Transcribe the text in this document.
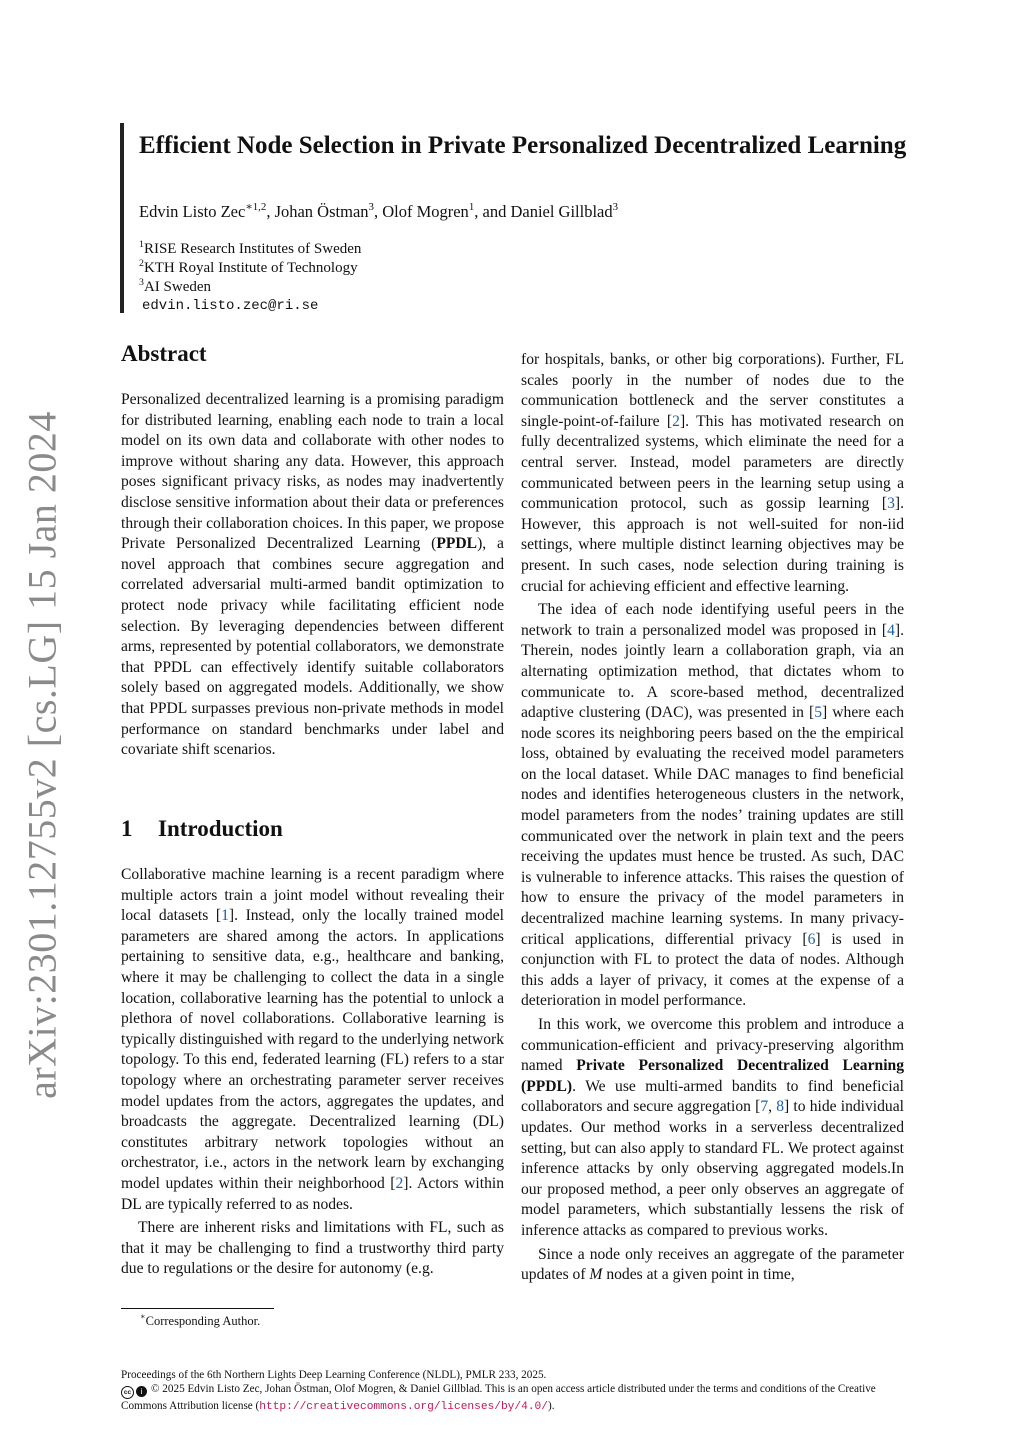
arXiv:2301.12755v2 [cs.LG] 15 Jan 2024
Efficient Node Selection in Private Personalized Decentralized Learning

Edvin Listo Zec$^{∗1,2}$, Johan Östman$^3$, Olof Mogren$^1$, and Daniel Gillblad$^3$

$^1$RISE Research Institutes of Sweden
$^2$KTH Royal Institute of Technology
$^3$AI Sweden
edvin.listo.zec@ri.se
Abstract

Personalized decentralized learning is a promising paradigm for distributed learning, enabling each node to train a local model on its own data and collaborate with other nodes to improve without sharing any data. However, this approach poses significant privacy risks, as nodes may inadvertently disclose sensitive information about their data or preferences through their collaboration choices. In this paper, we propose Private Personalized Decentralized Learning (PPDL), a novel approach that combines secure aggregation and correlated adversarial multi-armed bandit optimization to protect node privacy while facilitating efficient node selection. By leveraging dependencies between different arms, represented by potential collaborators, we demonstrate that PPDL can effectively identify suitable collaborators solely based on aggregated models. Additionally, we show that PPDL surpasses previous non-private methods in model performance on standard benchmarks under label and covariate shift scenarios.

1 Introduction

Collaborative machine learning is a recent paradigm where multiple actors train a joint model without revealing their local datasets [1]. Instead, only the locally trained model parameters are shared among the actors. In applications pertaining to sensitive data, e.g., healthcare and banking, where it may be challenging to collect the data in a single location, collaborative learning has the potential to unlock a plethora of novel collaborations. Collaborative learning is typically distinguished with regard to the underlying network topology. To this end, federated learning (FL) refers to a star topology where an orchestrating parameter server receives model updates from the actors, aggregates the updates, and broadcasts the aggregate. Decentralized learning (DL) constitutes arbitrary network topologies without an orchestrator, i.e., actors in the network learn by exchanging model updates within their neighborhood [2]. Actors within DL are typically referred to as nodes.

There are inherent risks and limitations with FL, such as that it may be challenging to find a trustworthy third party due to regulations or the desire for autonomy (e.g.

for hospitals, banks, or other big corporations). Further, FL scales poorly in the number of nodes due to the communication bottleneck and the server constitutes a single-point-of-failure [2]. This has motivated research on fully decentralized systems, which eliminate the need for a central server. Instead, model parameters are directly communicated between peers in the learning setup using a communication protocol, such as gossip learning [3]. However, this approach is not well-suited for non-iid settings, where multiple distinct learning objectives may be present. In such cases, node selection during training is crucial for achieving efficient and effective learning.

The idea of each node identifying useful peers in the network to train a personalized model was proposed in [4]. Therein, nodes jointly learn a collaboration graph, via an alternating optimization method, that dictates whom to communicate to. A score-based method, decentralized adaptive clustering (DAC), was presented in [5] where each node scores its neighboring peers based on the the empirical loss, obtained by evaluating the received model parameters on the local dataset. While DAC manages to find beneficial nodes and identifies heterogeneous clusters in the network, model parameters from the nodes’ training updates are still communicated over the network in plain text and the peers receiving the updates must hence be trusted. As such, DAC is vulnerable to inference attacks. This raises the question of how to ensure the privacy of the model parameters in decentralized machine learning systems. In many privacy-critical applications, differential privacy [6] is used in conjunction with FL to protect the data of nodes. Although this adds a layer of privacy, it comes at the expense of a deterioration in model performance.

In this work, we overcome this problem and introduce a communication-efficient and privacy-preserving algorithm named Private Personalized Decentralized Learning (PPDL). We use multi-armed bandits to find beneficial collaborators and secure aggregation [7, 8] to hide individual updates. Our method works in a serverless decentralized setting, but can also apply to standard FL. We protect against inference attacks by only observing aggregated models.In our proposed method, a peer only observes an aggregate of model parameters, which substantially lessens the risk of inference attacks as compared to previous works.

Since a node only receives an aggregate of the parameter updates of M nodes at a given point in time,

∗Corresponding Author.
Proceedings of the 6th Northern Lights Deep Learning Conference (NLDL), PMLR 233, 2025.
cc i © 2025 Edvin Listo Zec, Johan Östman, Olof Mogren, & Daniel Gillblad. This is an open access article distributed under the terms and conditions of the Creative Commons Attribution license (http://creativecommons.org/licenses/by/4.0/).
